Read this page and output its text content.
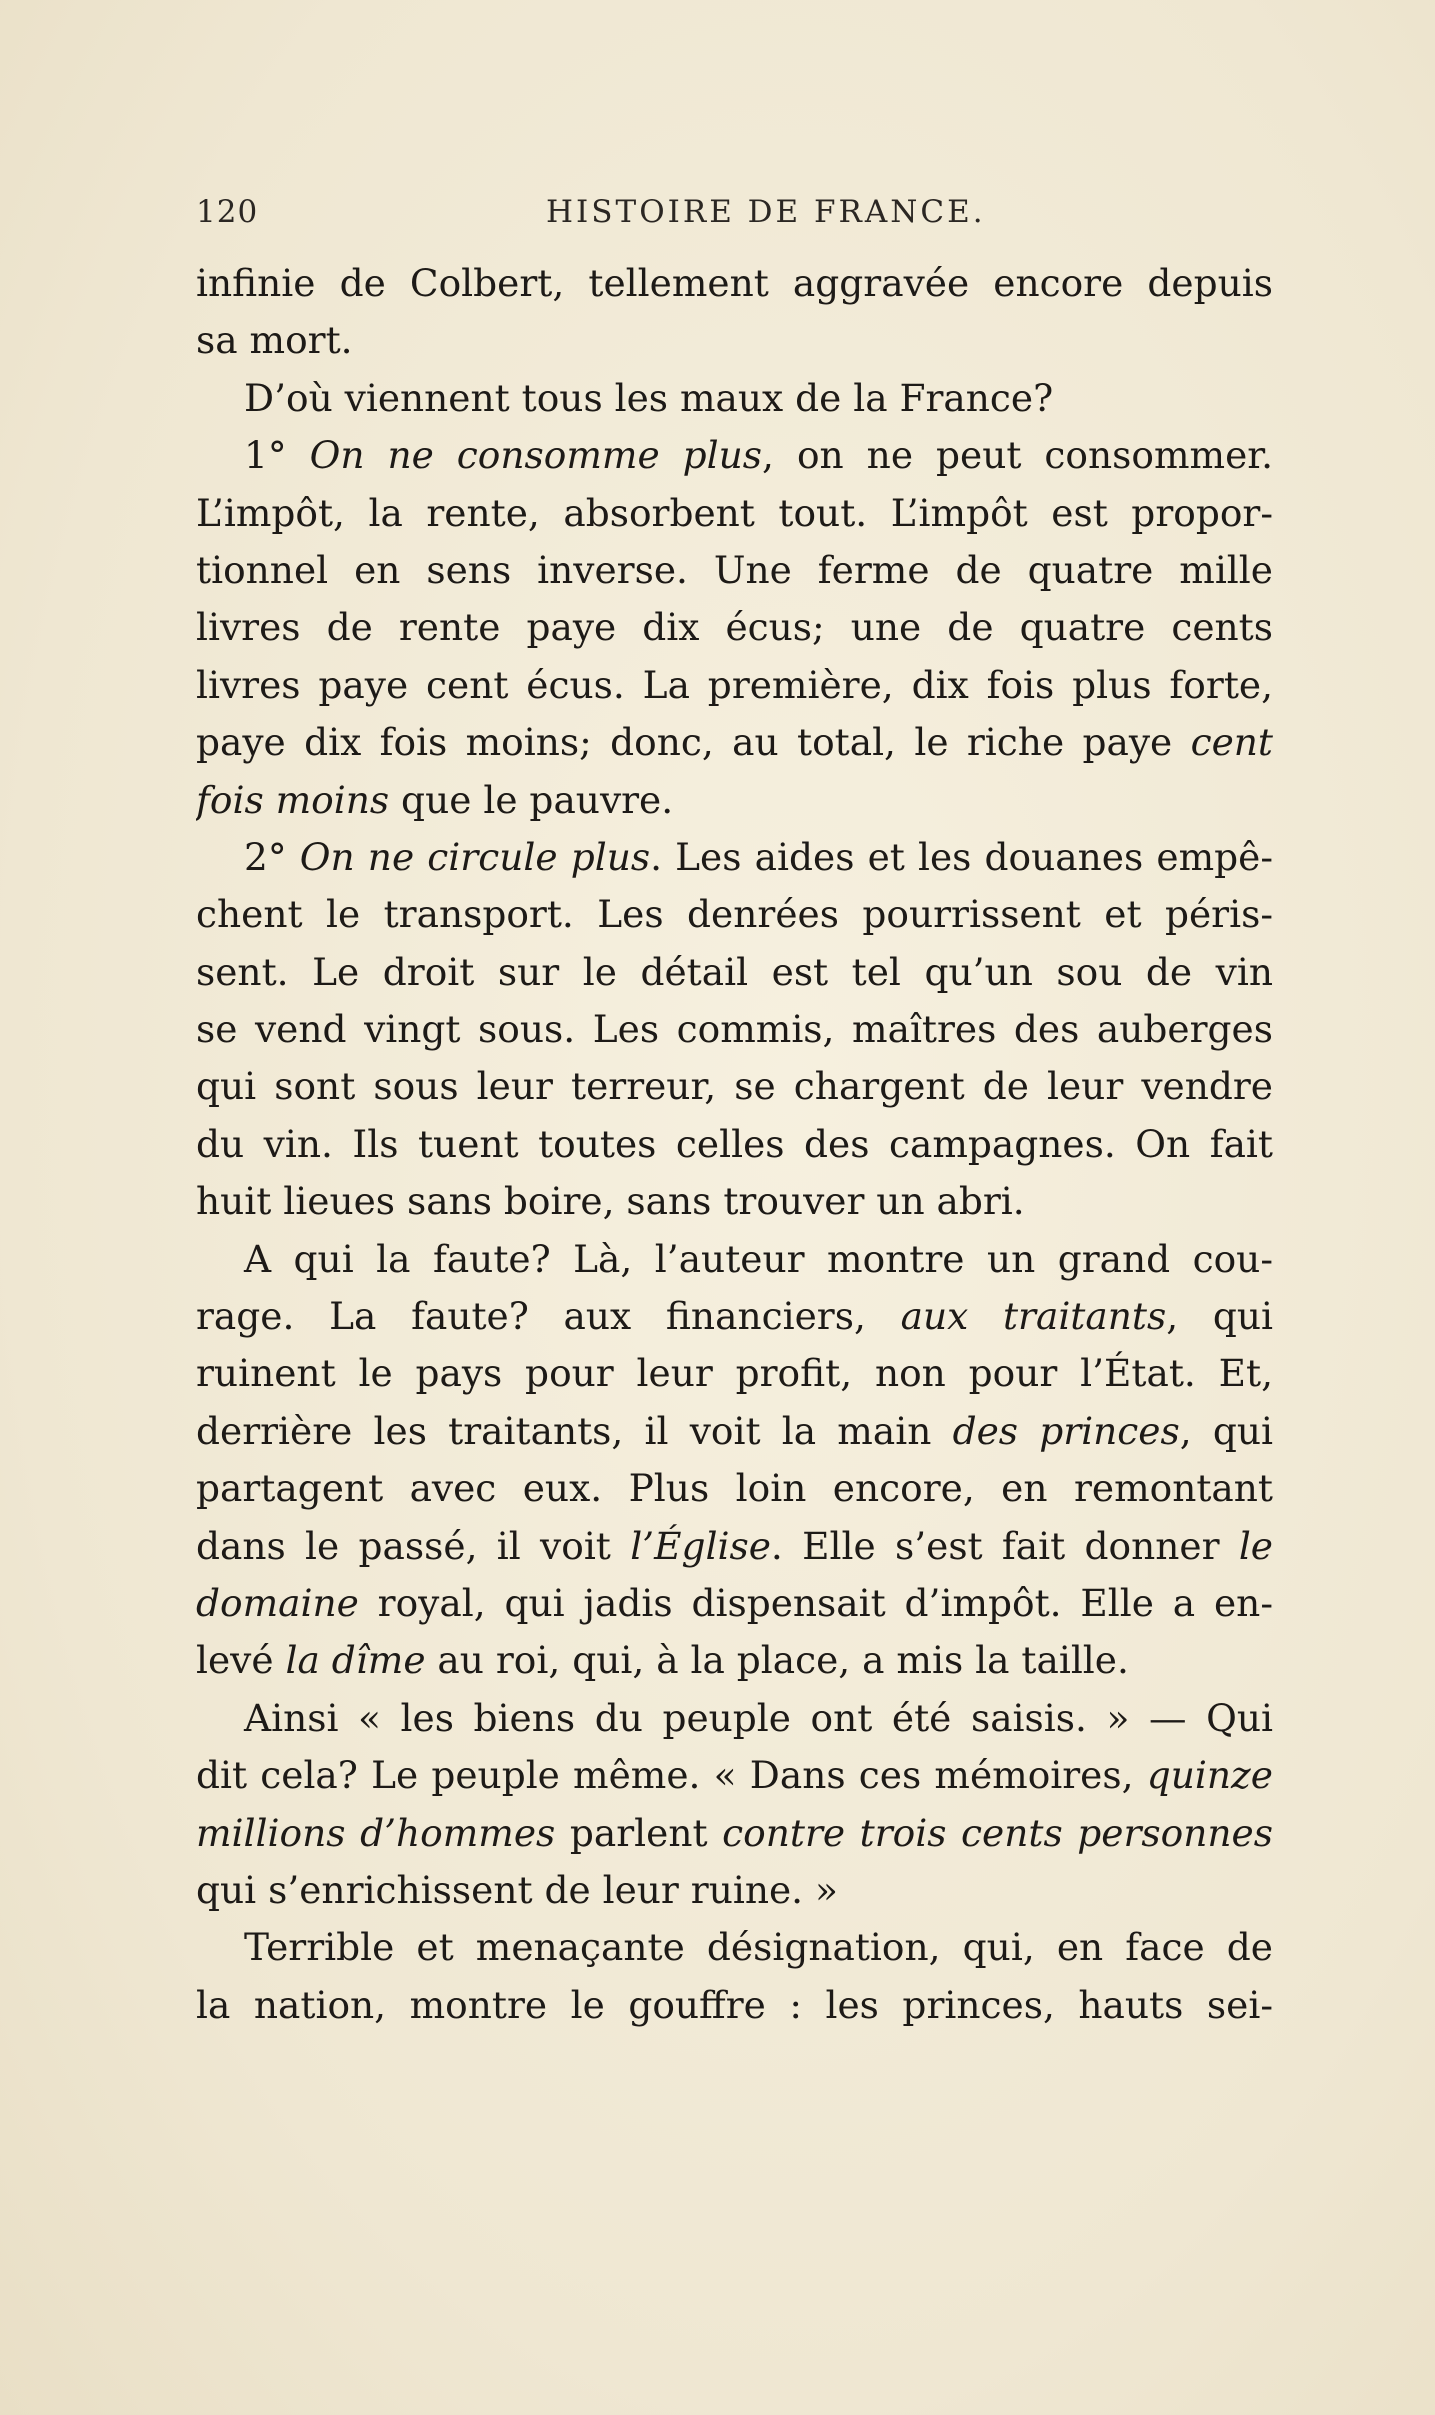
120	HISTOIRE DE FRANCE.
infinie de Colbert, tellement aggravée encore depuis
sa mort.
D’où viennent tous les maux de la France?
1° On ne consomme plus, on ne peut consommer.
L’impôt, la rente, absorbent tout. L’impôt est propor-
tionnel en sens inverse. Une ferme de quatre mille
livres de rente paye dix écus; une de quatre cents
livres paye cent écus. La première, dix fois plus forte,
paye dix fois moins; donc, au total, le riche paye cent
fois moins que le pauvre.
2° On ne circule plus. Les aides et les douanes empê-
chent le transport. Les denrées pourrissent et péris-
sent. Le droit sur le détail est tel qu’un sou de vin
se vend vingt sous. Les commis, maîtres des auberges
qui sont sous leur terreur, se chargent de leur vendre
du vin. Ils tuent toutes celles des campagnes. On fait
huit lieues sans boire, sans trouver un abri.
A qui la faute? Là, l’auteur montre un grand cou-
rage. La faute? aux financiers, aux traitants, qui
ruinent le pays pour leur profit, non pour l’État. Et,
derrière les traitants, il voit la main des princes, qui
partagent avec eux. Plus loin encore, en remontant
dans le passé, il voit l’Église. Elle s’est fait donner le
domaine royal, qui jadis dispensait d’impôt. Elle a en-
levé la dîme au roi, qui, à la place, a mis la taille.
Ainsi « les biens du peuple ont été saisis. » — Qui
dit cela? Le peuple même. « Dans ces mémoires, quinze
millions d’hommes parlent contre trois cents personnes
qui s’enrichissent de leur ruine. »
Terrible et menaçante désignation, qui, en face de
la nation, montre le gouffre : les princes, hauts sei-
